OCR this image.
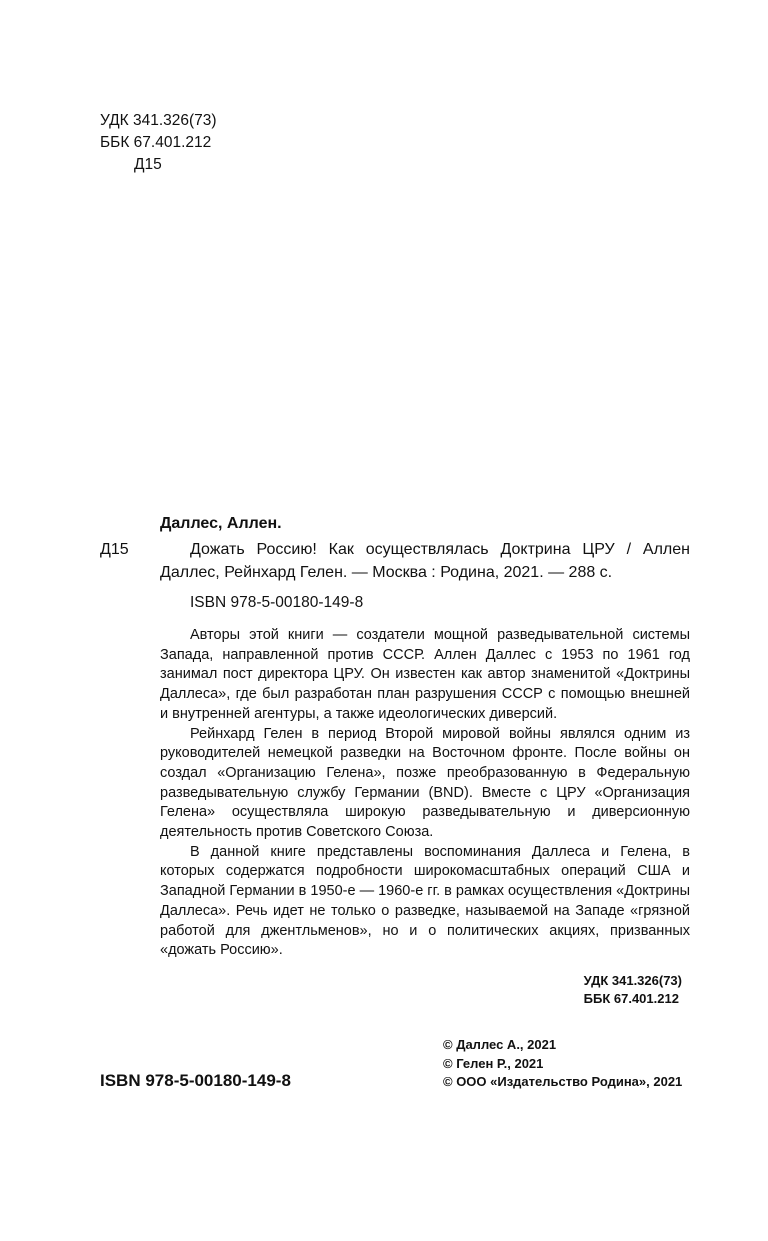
УДК 341.326(73)
ББК 67.401.212
Д15
Даллес, Аллен.
Д15	Дожать Россию! Как осуществлялась Доктрина ЦРУ / Аллен Даллес, Рейнхард Гелен. — Москва : Родина, 2021. — 288 с.

ISBN 978-5-00180-149-8

Авторы этой книги — создатели мощной разведывательной системы Запада, направленной против СССР. Аллен Даллес с 1953 по 1961 год занимал пост директора ЦРУ. Он известен как автор знаменитой «Доктрины Даллеса», где был разработан план разрушения СССР с помощью внешней и внутренней агентуры, а также идеологических диверсий.

Рейнхард Гелен в период Второй мировой войны являлся одним из руководителей немецкой разведки на Восточном фронте. После войны он создал «Организацию Гелена», позже преобразованную в Федеральную разведывательную службу Германии (BND). Вместе с ЦРУ «Организация Гелена» осуществляла широкую разведывательную и диверсионную деятельность против Советского Союза.

В данной книге представлены воспоминания Даллеса и Гелена, в которых содержатся подробности широкомасштабных операций США и Западной Германии в 1950-е — 1960-е гг. в рамках осуществления «Доктрины Даллеса». Речь идет не только о разведке, называемой на Западе «грязной работой для джентльменов», но и о политических акциях, призванных «дожать Россию».

УДК 341.326(73)
ББК 67.401.212
ISBN 978-5-00180-149-8
© Даллес А., 2021
© Гелен Р., 2021
© ООО «Издательство Родина», 2021
